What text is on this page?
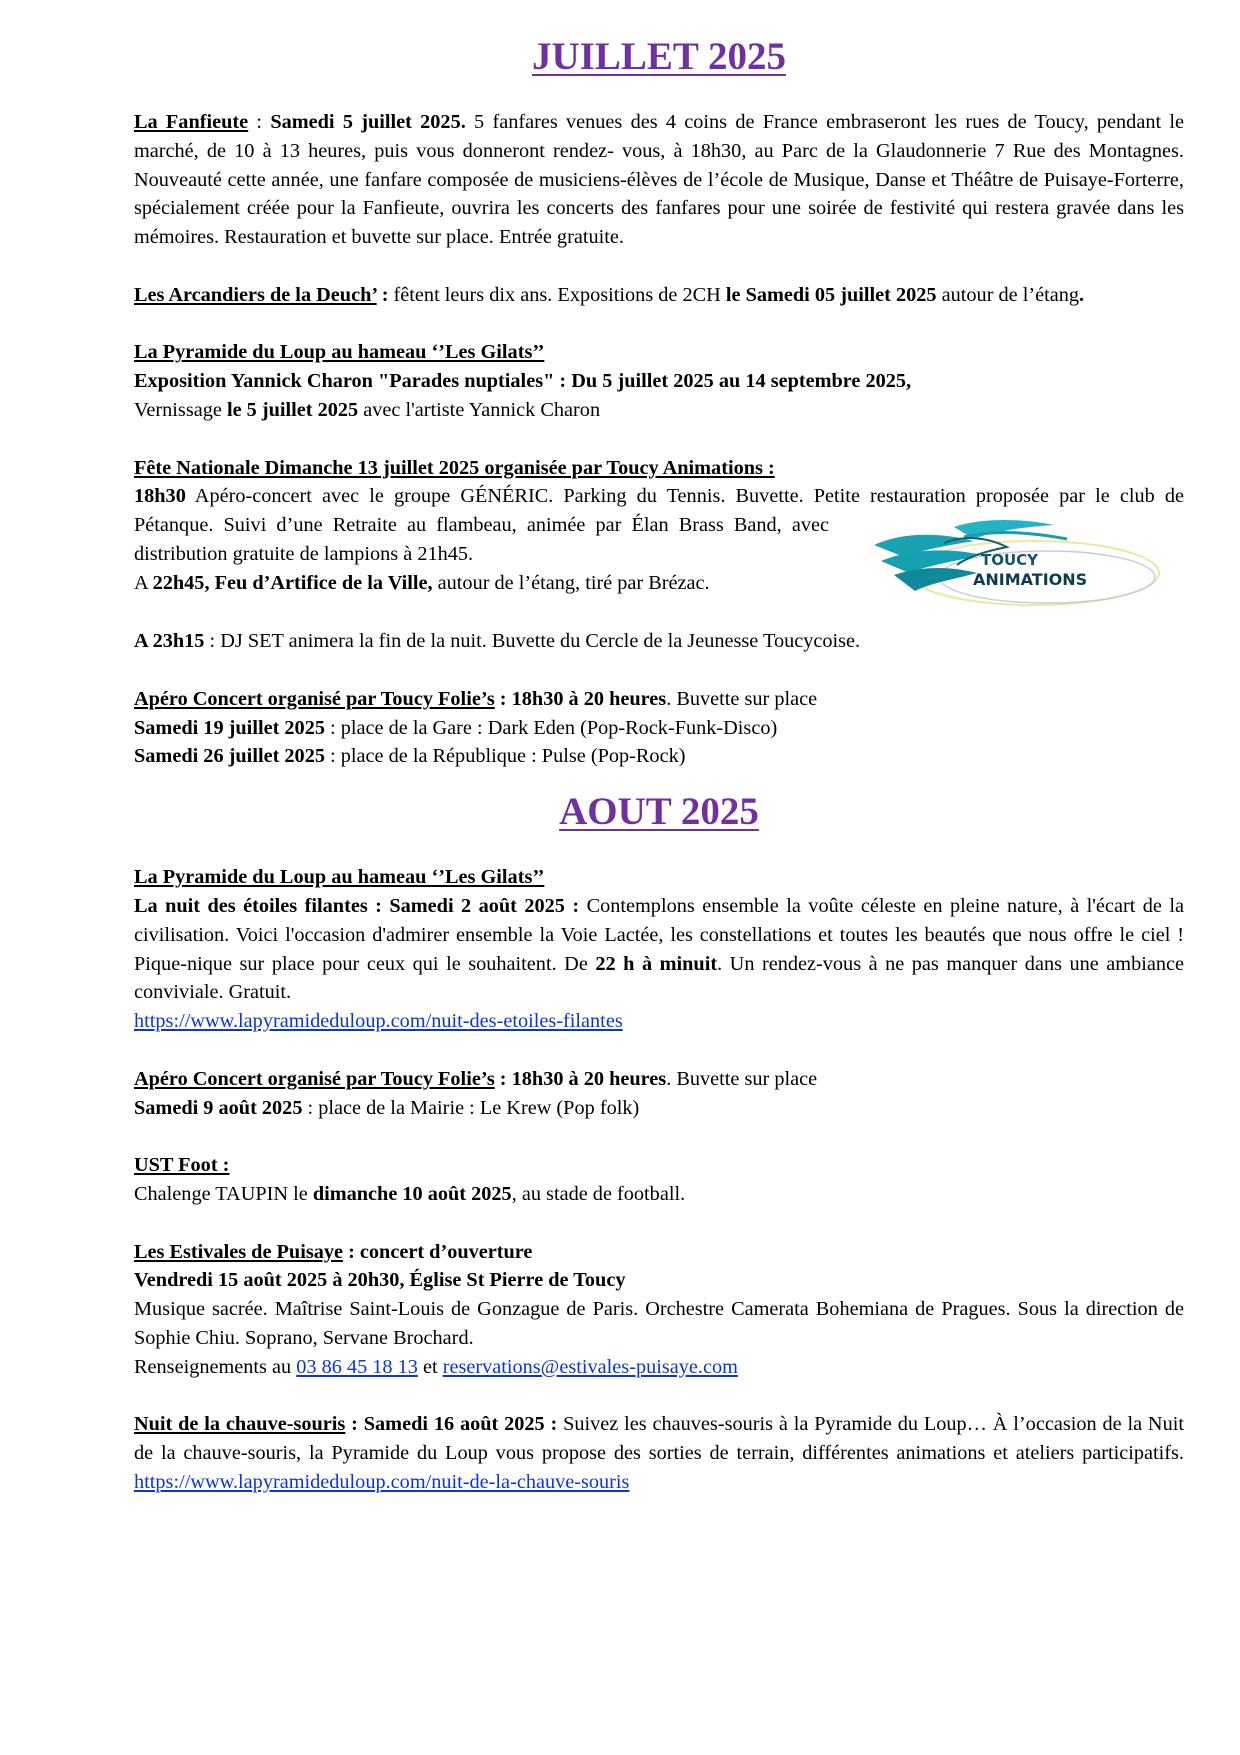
JUILLET 2025

La Fanfieute : Samedi 5 juillet 2025. 5 fanfares venues des 4 coins de France embraseront les rues de Toucy, pendant le marché, de 10 à 13 heures, puis vous donneront rendez- vous, à 18h30, au Parc de la Glaudonnerie 7 Rue des Montagnes. Nouveauté cette année, une fanfare composée de musiciens-élèves de l’école de Musique, Danse et Théâtre de Puisaye-Forterre, spécialement créée pour la Fanfieute, ouvrira les concerts des fanfares pour une soirée de festivité qui restera gravée dans les mémoires. Restauration et buvette sur place. Entrée gratuite.

Les Arcandiers de la Deuch’ : fêtent leurs dix ans. Expositions de 2CH le Samedi 05 juillet 2025 autour de l’étang.

La Pyramide du Loup au hameau ‘’Les Gilats’’

Exposition Yannick Charon "Parades nuptiales" : Du 5 juillet 2025 au 14 septembre 2025,

Vernissage le 5 juillet 2025 avec l'artiste Yannick Charon

Fête Nationale Dimanche 13 juillet 2025 organisée par Toucy Animations :

TOUCY
ANIMATIONS

18h30 Apéro-concert avec le groupe GÉNÉRIC. Parking du Tennis. Buvette. Petite restauration proposée par le club de Pétanque. Suivi d’une Retraite au flambeau, animée par Élan Brass Band, avec distribution gratuite de lampions à 21h45.

A 22h45, Feu d’Artifice de la Ville, autour de l’étang, tiré par Brézac.

A 23h15 : DJ SET animera la fin de la nuit. Buvette du Cercle de la Jeunesse Toucycoise.

Apéro Concert organisé par Toucy Folie’s : 18h30 à 20 heures. Buvette sur place

Samedi 19 juillet 2025 : place de la Gare : Dark Eden (Pop-Rock-Funk-Disco)

Samedi 26 juillet 2025 : place de la République : Pulse (Pop-Rock)

AOUT 2025

La Pyramide du Loup au hameau ‘’Les Gilats’’

La nuit des étoiles filantes : Samedi 2 août 2025 : Contemplons ensemble la voûte céleste en pleine nature, à l'écart de la civilisation. Voici l'occasion d'admirer ensemble la Voie Lactée, les constellations et toutes les beautés que nous offre le ciel ! Pique-nique sur place pour ceux qui le souhaitent. De 22 h à minuit. Un rendez-vous à ne pas manquer dans une ambiance conviviale. Gratuit.

https://www.lapyramideduloup.com/nuit-des-etoiles-filantes

Apéro Concert organisé par Toucy Folie’s : 18h30 à 20 heures. Buvette sur place

Samedi 9 août 2025 : place de la Mairie : Le Krew (Pop folk)

UST Foot :

Chalenge TAUPIN le dimanche 10 août 2025, au stade de football.

Les Estivales de Puisaye : concert d’ouverture

Vendredi 15 août 2025 à 20h30, Église St Pierre de Toucy

Musique sacrée. Maîtrise Saint-Louis de Gonzague de Paris. Orchestre Camerata Bohemiana de Pragues. Sous la direction de Sophie Chiu. Soprano, Servane Brochard.

Renseignements au 03 86 45 18 13 et reservations@estivales-puisaye.com

Nuit de la chauve-souris : Samedi 16 août 2025 : Suivez les chauves-souris à la Pyramide du Loup… À l’occasion de la Nuit de la chauve-souris, la Pyramide du Loup vous propose des sorties de terrain, différentes animations et ateliers participatifs. https://www.lapyramideduloup.com/nuit-de-la-chauve-souris
